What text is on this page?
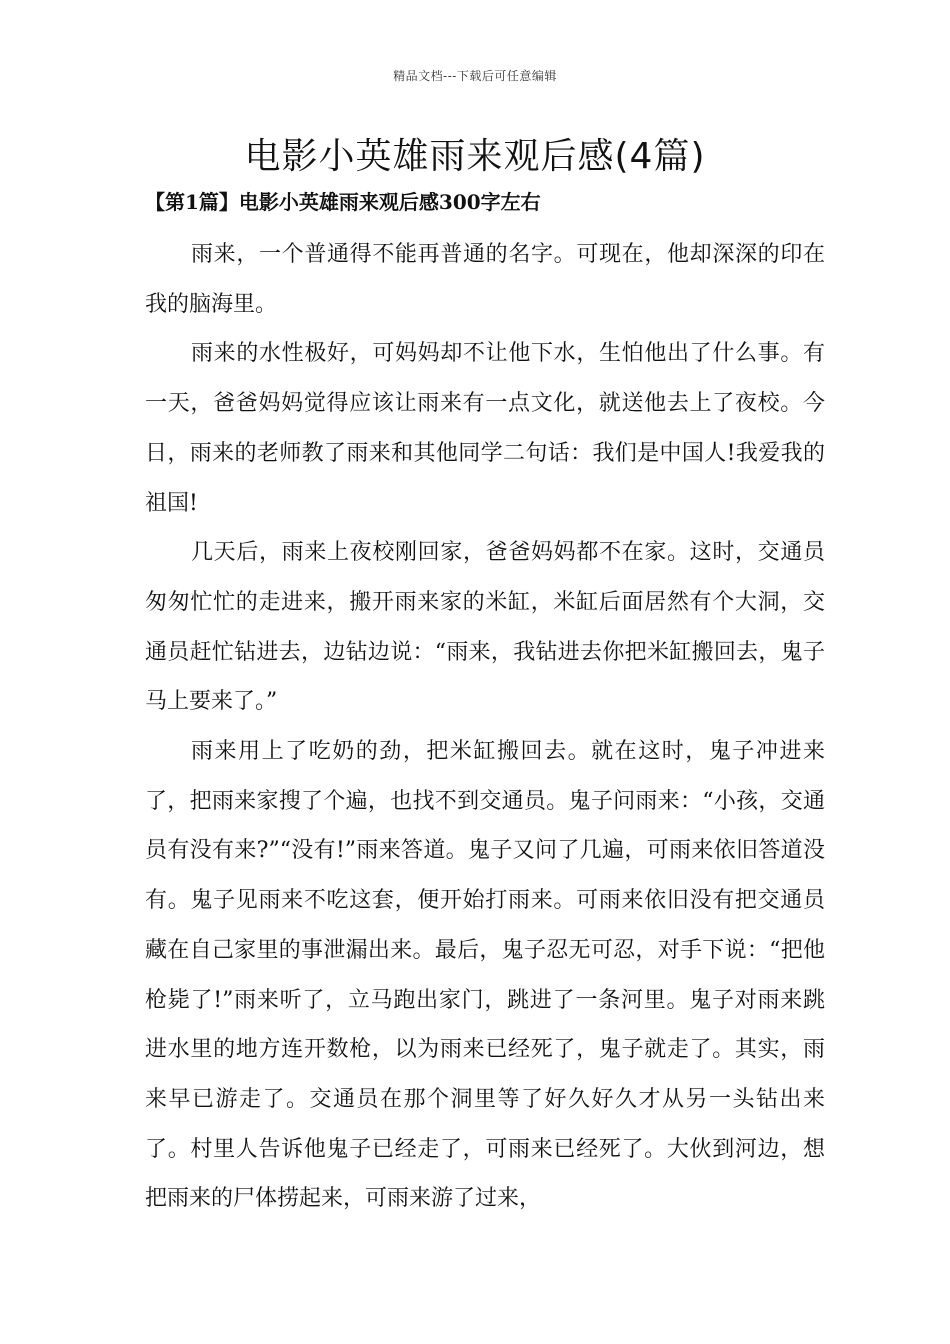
精品文档---下载后可任意编辑
电影小英雄雨来观后感(4篇)
【第1篇】电影小英雄雨来观后感300字左右

雨来，一个普通得不能再普通的名字。可现在，他却深深的印在我的脑海里。

雨来的水性极好，可妈妈却不让他下水，生怕他出了什么事。有一天，爸爸妈妈觉得应该让雨来有一点文化，就送他去上了夜校。今日，雨来的老师教了雨来和其他同学二句话：我们是中国人!我爱我的祖国!

几天后，雨来上夜校刚回家，爸爸妈妈都不在家。这时，交通员匆匆忙忙的走进来，搬开雨来家的米缸，米缸后面居然有个大洞，交通员赶忙钻进去，边钻边说：“雨来，我钻进去你把米缸搬回去，鬼子马上要来了。”

雨来用上了吃奶的劲，把米缸搬回去。就在这时，鬼子冲进来了，把雨来家搜了个遍，也找不到交通员。鬼子问雨来：“小孩，交通员有没有来?”“没有!”雨来答道。鬼子又问了几遍，可雨来依旧答道没有。鬼子见雨来不吃这套，便开始打雨来。可雨来依旧没有把交通员藏在自己家里的事泄漏出来。最后，鬼子忍无可忍，对手下说：“把他枪毙了!”雨来听了，立马跑出家门，跳进了一条河里。鬼子对雨来跳进水里的地方连开数枪，以为雨来已经死了，鬼子就走了。其实，雨来早已游走了。交通员在那个洞里等了好久好久才从另一头钻出来了。村里人告诉他鬼子已经走了，可雨来已经死了。大伙到河边，想把雨来的尸体捞起来，可雨来游了过来，
